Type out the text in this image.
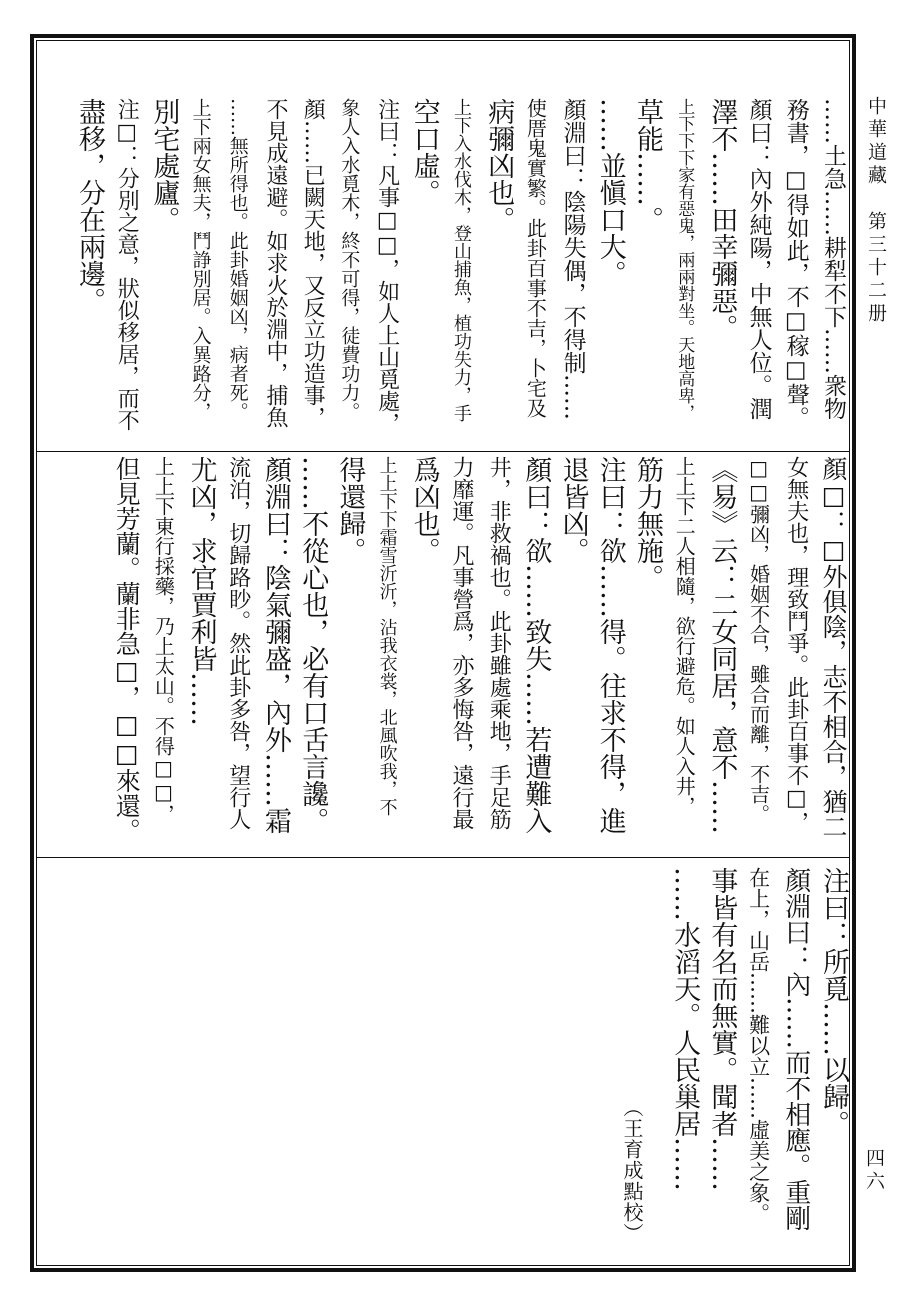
中華道藏　第三十二册
四六
（王育成點校）
……土急……耕犁不下……衆物
務書，□得如此，不□稼□聲。
顏曰：內外純陽，中無人位。潤
澤不……田幸彌惡。
上下下下家有惡鬼，兩兩對坐。天地高卑，
草能……。
……並愼口大。
顏淵曰：陰陽失偶，不得制……
使厝鬼實繁。此卦百事不吉，卜宅及
病彌凶也。
上下入水伐木，登山捕魚，植功失力，手
空口虛。
注曰：凡事□□，如人上山覓處，
象人入水覓木，終不可得，徒費功力。
顏……已闕天地，又反立功造事，
不見成遠避。如求火於淵中，捕魚
……無所得也。此卦婚姻凶，病者死。
上下兩女無夫，鬥諍別居。入異路分，
別宅處廬。
注□：分別之意，狀似移居，而不
盡移，分在兩邊。
顏□：□外俱陰，志不相合，猶二
女無夫也，理致鬥爭。此卦百事不□，
□□彌凶，婚姻不合，雖合而離，不吉。
《易》云：二女同居，意不……
上上下二人相隨，欲行避危。如人入井，
筋力無施。
注曰：欲……得。往求不得，進
退皆凶。
顏曰：欲……致失……若遭難入
井，非救禍也。此卦雖處乘地，手足筋
力靡運。凡事營爲，亦多悔咎，遠行最
爲凶也。
上上下下霜雪沂沂，沾我衣裳，北風吹我，不
得還歸。
……不從心也，必有口舌言讒。
顏淵曰：陰氣彌盛，內外……霜
流泊，切歸路眇。然此卦多咎，望行人
尤凶，求官賈利皆……
上上下東行採藥，乃上太山。不得□□，
但見芳蘭。蘭非急□，□□來還。
注曰：所覓……以歸。
顏淵曰：內……而不相應。重剛
在上，山岳……難以立……虛美之象。
事皆有名而無實。聞者……
……水滔天。人民巢居……
